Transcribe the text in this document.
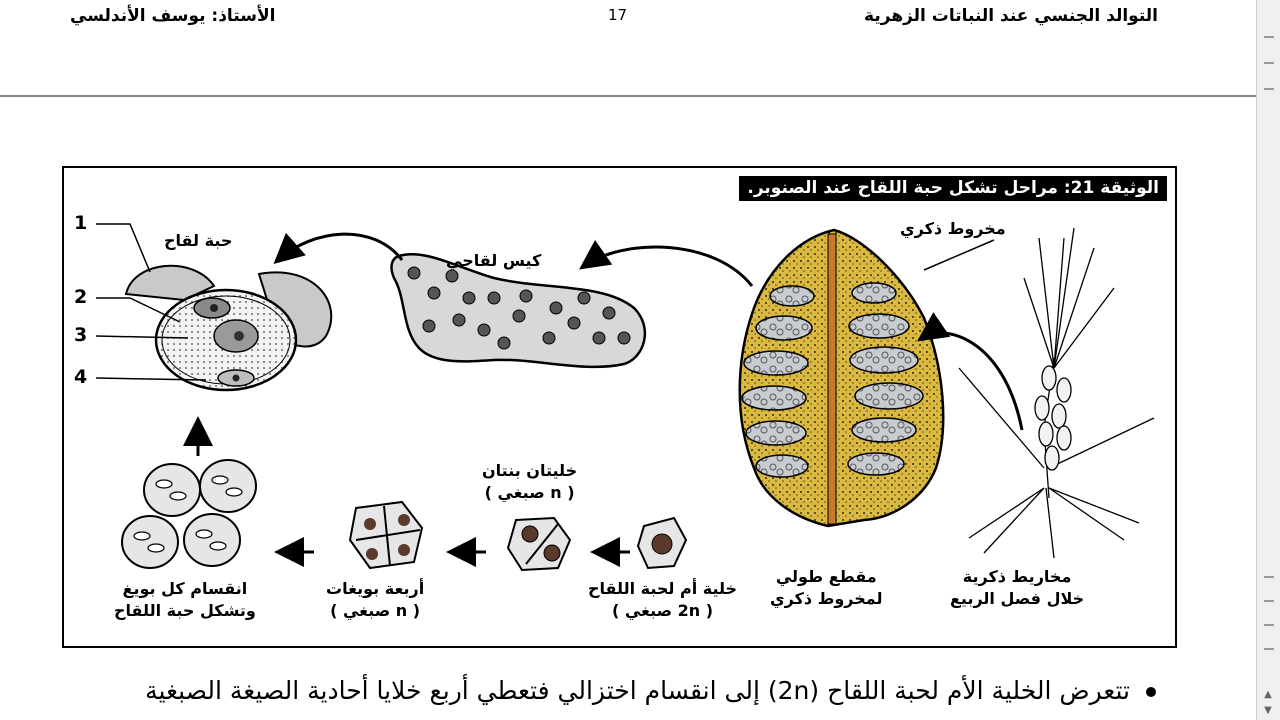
التوالد الجنسي عند النباتات الزهرية
17
الأستاذ: يوسف الأندلسي
الوثيقة 21: مراحل تشكل حبة اللقاح عند الصنوبر.
1
2
3
4
حبة لقاح
كيس لقاحي
مخروط ذكري
مخاريط ذكرية
خلال فصل الربيع
مقطع طولي
لمخروط ذكري
خلية أم لحبة اللقاح
( 2n صبغي )
خليتان بنتان
( n صبغي )
أربعة بويغات
( n صبغي )
انقسام كل بويغ
وتشكل حبة اللقاح
تتعرض الخلية الأم لحبة اللقاح (2n) إلى انقسام اختزالي فتعطي أربع خلايا أحادية الصيغة الصبغية	▲
▼
